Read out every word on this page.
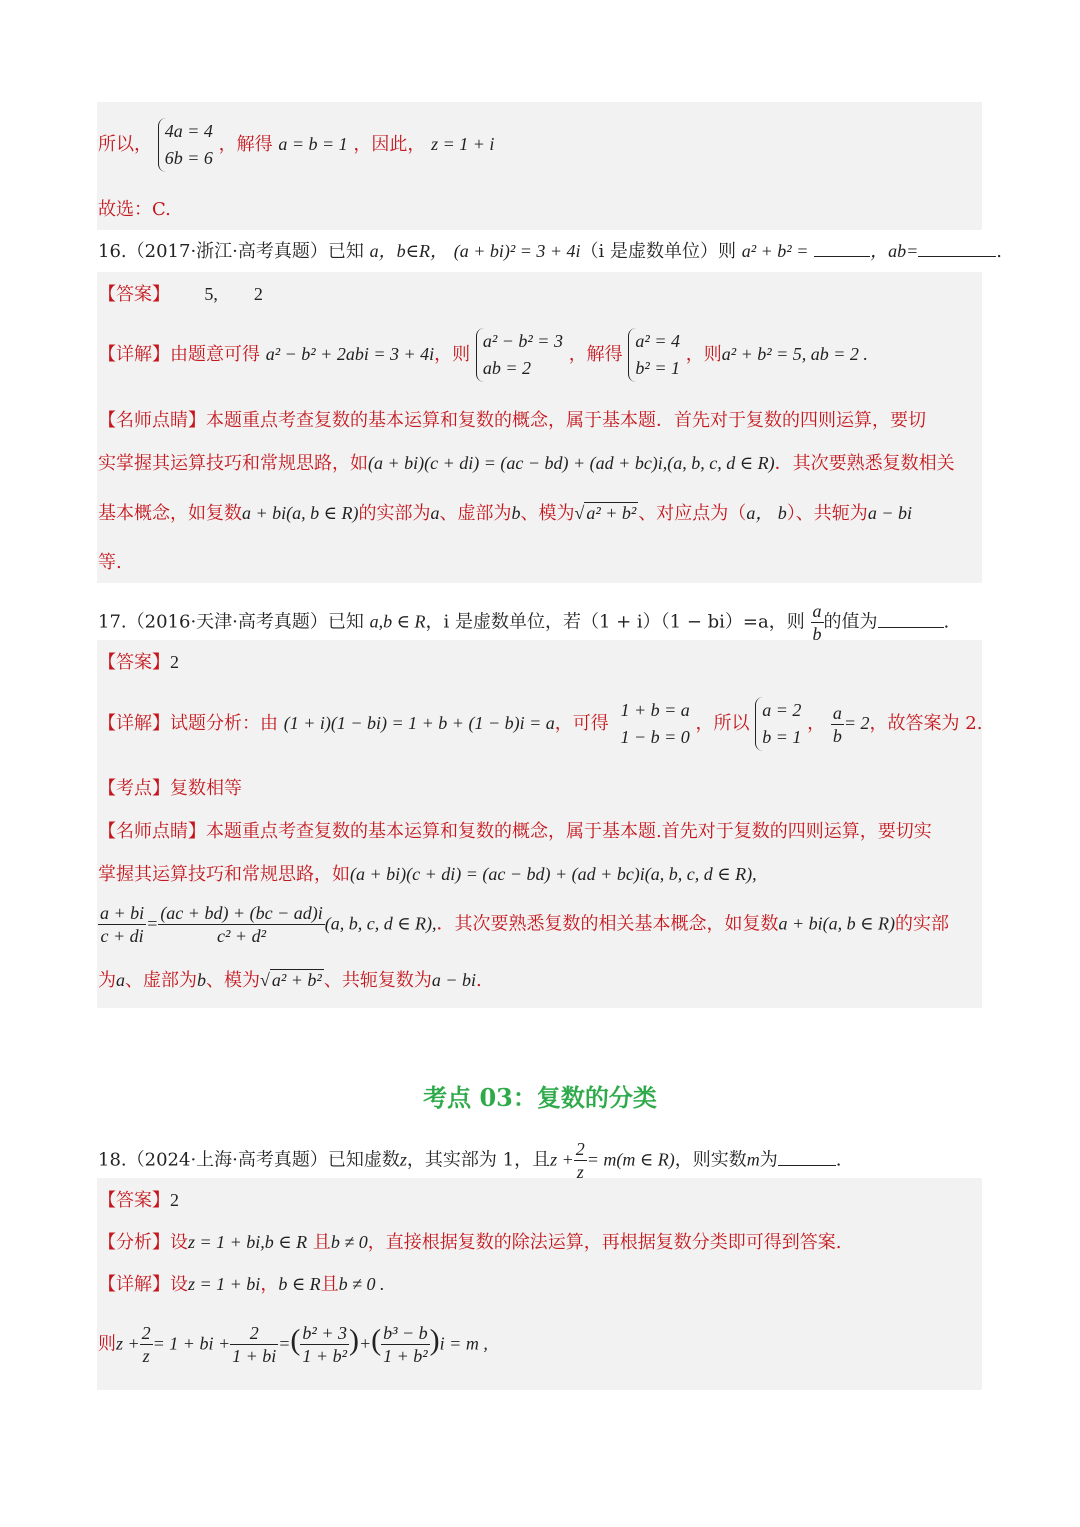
所以，
4a = 4
6b = 6
，解得 a = b = 1 ，因此， z = 1 + i
故选：C.
16.（2017·浙江·高考真题）已知 a，b∈R， (a + bi)² = 3 + 4i（i 是虚数单位）则 a² + b² =	，ab=	.
【答案】 5,        2
【详解】由题意可得 a² − b² + 2abi = 3 + 4i，则
a² − b² = 3
ab = 2
，解得
a² = 4
b² = 1
，则a² + b² = 5, ab = 2 .
【名师点睛】本题重点考查复数的基本运算和复数的概念，属于基本题．首先对于复数的四则运算，要切
实掌握其运算技巧和常规思路，如(a + bi)(c + di) = (ac − bd) + (ad + bc)i,(a, b, c, d ∈ R)．其次要熟悉复数相关
基本概念，如复数a + bi(a, b ∈ R)的实部为a、虚部为b、模为√ a² + b² 、对应点为（a， b）、共轭为a − bi
等.
17.（2016·天津·高考真题）已知 a,b ∈ R，i 是虚数单位，若（1 + i）（1 − bi）=a，则 $\frac{a}{b}$ 的值为	.
【答案】2
【详解】试题分析：由 (1 + i)(1 − bi) = 1 + b + (1 − b)i = a，可得
1 + b = a
1 − b = 0
，所以
a = 2
b = 1
， $\frac{a}{b} = 2$，故答案为 2.
【考点】复数相等
【名师点睛】本题重点考查复数的基本运算和复数的概念，属于基本题.首先对于复数的四则运算，要切实
掌握其运算技巧和常规思路，如(a + bi)(c + di) = (ac − bd) + (ad + bc)i(a, b, c, d ∈ R),
$\frac{a + bi}{c + di} = \frac{(ac + bd) + (bc - ad)i}{\text{c² + d²}} (a$, b, c, d ∈ R),．其次要熟悉复数的相关基本概念，如复数a + bi(a, b ∈ R)的实部
为a、虚部为b、模为√ a² + b² 、共轭复数为a − bi.
考点 03：复数的分类
18.（2024·上海·高考真题）已知虚数z，其实部为 1，且$z + \frac{2}{z} = m(m$ ∈ R)，则实数m为	.
【答案】2
【分析】设z = 1 + bi,b ∈ R 且b ≠ 0，直接根据复数的除法运算，再根据复数分类即可得到答案.
【详解】设z = 1 + bi，b ∈ R且b ≠ 0 .
则$z + \frac{2}{z} = 1$ + bi + $\frac{2}{1 + bi}$ =( $\frac{\text{b² + 3}}{\text{1 + b²}}$ )+( $\frac{\text{b³ − b}}{\text{1 + b²}} )i = m$ ,
